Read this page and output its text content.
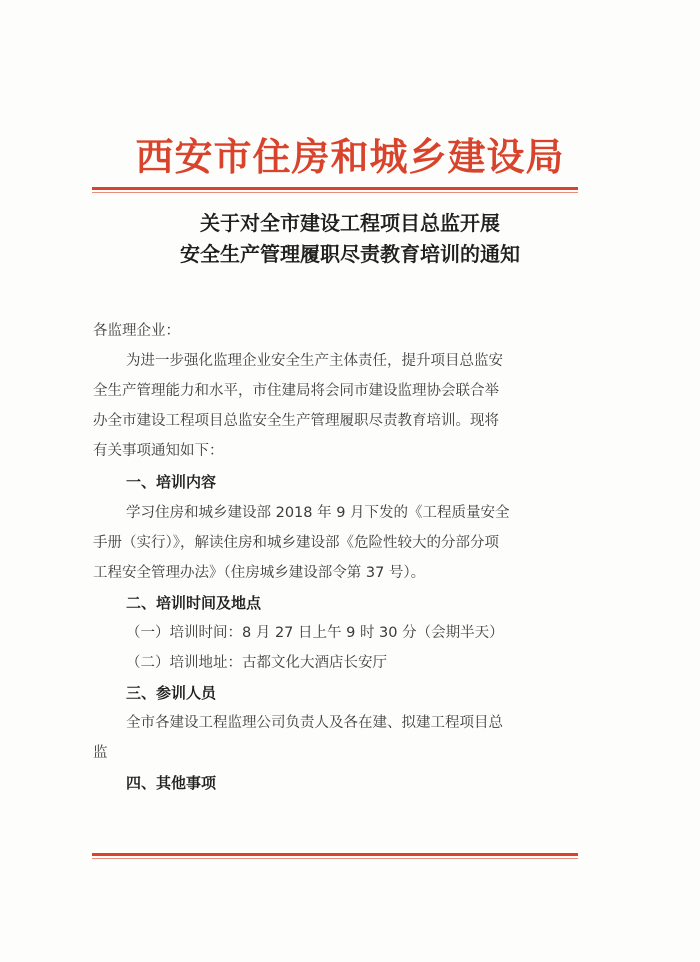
西安市住房和城乡建设局
关于对全市建设工程项目总监开展
安全生产管理履职尽责教育培训的通知
各监理企业：
为进一步强化监理企业安全生产主体责任，提升项目总监安
全生产管理能力和水平，市住建局将会同市建设监理协会联合举
办全市建设工程项目总监安全生产管理履职尽责教育培训。现将
有关事项通知如下：
一、培训内容
学习住房和城乡建设部 2018 年 9 月下发的《工程质量安全
手册（实行）》，解读住房和城乡建设部《危险性较大的分部分项
工程安全管理办法》（住房城乡建设部令第 37 号）。
二、培训时间及地点
（一）培训时间：8 月 27 日上午 9 时 30 分（会期半天）
（二）培训地址：古都文化大酒店长安厅
三、参训人员
全市各建设工程监理公司负责人及各在建、拟建工程项目总
监
四、其他事项
